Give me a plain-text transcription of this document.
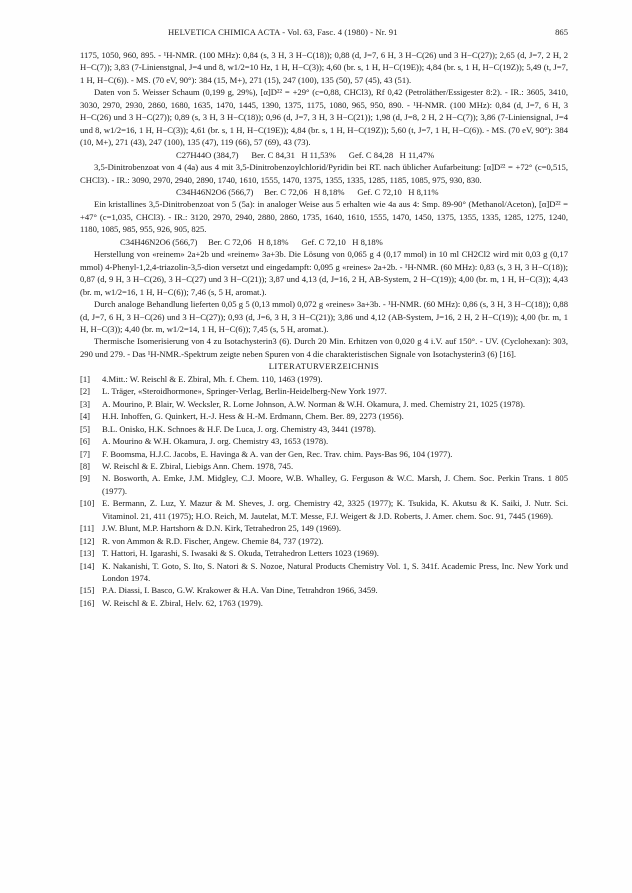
HELVETICA CHIMICA ACTA - Vol. 63, Fasc. 4 (1980) - Nr. 91	865

1175, 1050, 960, 895. - ¹H-NMR. (100 MHz): 0,84 (s, 3 H, 3 H−C(18)); 0,88 (d, J=7, 6 H, 3 H−C(26) und 3 H−C(27)); 2,65 (d, J=7, 2 H, 2 H−C(7)); 3,83 (7-Linienstgnal, J=4 und 8, w1/2=10 Hz, 1 H, H−C(3)); 4,60 (br. s, 1 H, H−C(19E)); 4,84 (br. s, 1 H, H−C(19Z)); 5,49 (t, J=7, 1 H, H−C(6)). - MS. (70 eV, 90°): 384 (15, M+), 271 (15), 247 (100), 135 (50), 57 (45), 43 (51).

Daten von 5. Weisser Schaum (0,199 g, 29%), [α]D²² = +29° (c=0,88, CHCl3), Rf 0,42 (Petroläther/Essigester 8:2). - IR.: 3605, 3410, 3030, 2970, 2930, 2860, 1680, 1635, 1470, 1445, 1390, 1375, 1175, 1080, 965, 950, 890. - ¹H-NMR. (100 MHz): 0,84 (d, J=7, 6 H, 3 H−C(26) und 3 H−C(27)); 0,89 (s, 3 H, 3 H−C(18)); 0,96 (d, J=7, 3 H, 3 H−C(21)); 1,98 (d, J=8, 2 H, 2 H−C(7)); 3,86 (7-Liniensignal, J=4 und 8, w1/2=16, 1 H, H−C(3)); 4,61 (br. s, 1 H, H−C(19E)); 4,84 (br. s, 1 H, H−C(19Z)); 5,60 (t, J=7, 1 H, H−C(6)). - MS. (70 eV, 90°): 384 (10, M+), 271 (43), 247 (100), 135 (47), 119 (66), 57 (69), 43 (73).

C27H44O (384,7)      Ber. C 84,31   H 11,53%      Gef. C 84,28   H 11,47%

3,5-Dinitrobenzoat von 4 (4a) aus 4 mit 3,5-Dinitrobenzoylchlorid/Pyridin bei RT. nach üblicher Aufarbeitung: [α]D²² = +72° (c=0,515, CHCl3). - IR.: 3090, 2970, 2940, 2890, 1740, 1610, 1555, 1470, 1375, 1355, 1335, 1285, 1185, 1085, 975, 930, 830.

C34H46N2O6 (566,7)     Ber. C 72,06   H 8,18%      Gef. C 72,10   H 8,11%

Ein kristallines 3,5-Dinitrobenzoat von 5 (5a): in analoger Weise aus 5 erhalten wie 4a aus 4: Smp. 89-90° (Methanol/Aceton), [α]D²² = +47° (c=1,035, CHCl3). - IR.: 3120, 2970, 2940, 2880, 2860, 1735, 1640, 1610, 1555, 1470, 1450, 1375, 1355, 1335, 1285, 1275, 1240, 1180, 1085, 985, 955, 926, 905, 825.

C34H46N2O6 (566,7)     Ber. C 72,06   H 8,18%      Gef. C 72,10   H 8,18%

Herstellung von «reinem» 2a+2b und «reinem» 3a+3b. Die Lösung von 0,065 g 4 (0,17 mmol) in 10 ml CH2Cl2 wird mit 0,03 g (0,17 mmol) 4-Phenyl-1,2,4-triazolin-3,5-dion versetzt und eingedampft: 0,095 g «reines» 2a+2b. - ¹H-NMR. (60 MHz): 0,83 (s, 3 H, 3 H−C(18)); 0,87 (d, 9 H, 3 H−C(26), 3 H−C(27) und 3 H−C(21)); 3,87 und 4,13 (d, J=16, 2 H, AB-System, 2 H−C(19)); 4,00 (br. m, 1 H, H−C(3)); 4,43 (br. m, w1/2=16, 1 H, H−C(6)); 7,46 (s, 5 H, aromat.).

Durch analoge Behandlung lieferten 0,05 g 5 (0,13 mmol) 0,072 g «reines» 3a+3b. - ¹H-NMR. (60 MHz): 0,86 (s, 3 H, 3 H−C(18)); 0,88 (d, J=7, 6 H, 3 H−C(26) und 3 H−C(27)); 0,93 (d, J=6, 3 H, 3 H−C(21)); 3,86 und 4,12 (AB-System, J=16, 2 H, 2 H−C(19)); 4,00 (br. m, 1 H, H−C(3)); 4,40 (br. m, w1/2=14, 1 H, H−C(6)); 7,45 (s, 5 H, aromat.).

Thermische Isomerisierung von 4 zu Isotachysterin3 (6). Durch 20 Min. Erhitzen von 0,020 g 4 i.V. auf 150°. - UV. (Cyclohexan): 303, 290 und 279. - Das ¹H-NMR.-Spektrum zeigte neben Spuren von 4 die charakteristischen Signale von Isotachysterin3 (6) [16].

LITERATURVERZEICHNIS

[1] 4.Mitt.: W. Reischl & E. Zbiral, Mh. f. Chem. 110, 1463 (1979).
[2] L. Träger, «Steroidhormone», Springer-Verlag, Berlin-Heidelberg-New York 1977.
[3] A. Mourino, P. Blair, W. Wecksler, R. Lorne Johnson, A.W. Norman & W.H. Okamura, J. med. Chemistry 21, 1025 (1978).
[4] H.H. Inhoffen, G. Quinkert, H.-J. Hess & H.-M. Erdmann, Chem. Ber. 89, 2273 (1956).
[5] B.L. Onisko, H.K. Schnoes & H.F. De Luca, J. org. Chemistry 43, 3441 (1978).
[6] A. Mourino & W.H. Okamura, J. org. Chemistry 43, 1653 (1978).
[7] F. Boomsma, H.J.C. Jacobs, E. Havinga & A. van der Gen, Rec. Trav. chim. Pays-Bas 96, 104 (1977).
[8] W. Reischl & E. Zbiral, Liebigs Ann. Chem. 1978, 745.
[9] N. Bosworth, A. Emke, J.M. Midgley, C.J. Moore, W.B. Whalley, G. Ferguson & W.C. Marsh, J. Chem. Soc. Perkin Trans. 1 805 (1977).
[10] E. Bermann, Z. Luz, Y. Mazur & M. Sheves, J. org. Chemistry 42, 3325 (1977); K. Tsukida, K. Akutsu & K. Saiki, J. Nutr. Sci. Vitaminol. 21, 411 (1975); H.O. Reich, M. Jautelat, M.T. Messe, F.J. Weigert & J.D. Roberts, J. Amer. chem. Soc. 91, 7445 (1969).
[11] J.W. Blunt, M.P. Hartshorn & D.N. Kirk, Tetrahedron 25, 149 (1969).
[12] R. von Ammon & R.D. Fischer, Angew. Chemie 84, 737 (1972).
[13] T. Hattori, H. Igarashi, S. Iwasaki & S. Okuda, Tetrahedron Letters 1023 (1969).
[14] K. Nakanishi, T. Goto, S. Ito, S. Natori & S. Nozoe, Natural Products Chemistry Vol. 1, S. 341f. Academic Press, Inc. New York und London 1974.
[15] P.A. Diassi, I. Basco, G.W. Krakower & H.A. Van Dine, Tetrahdron 1966, 3459.
[16] W. Reischl & E. Zbiral, Helv. 62, 1763 (1979).
